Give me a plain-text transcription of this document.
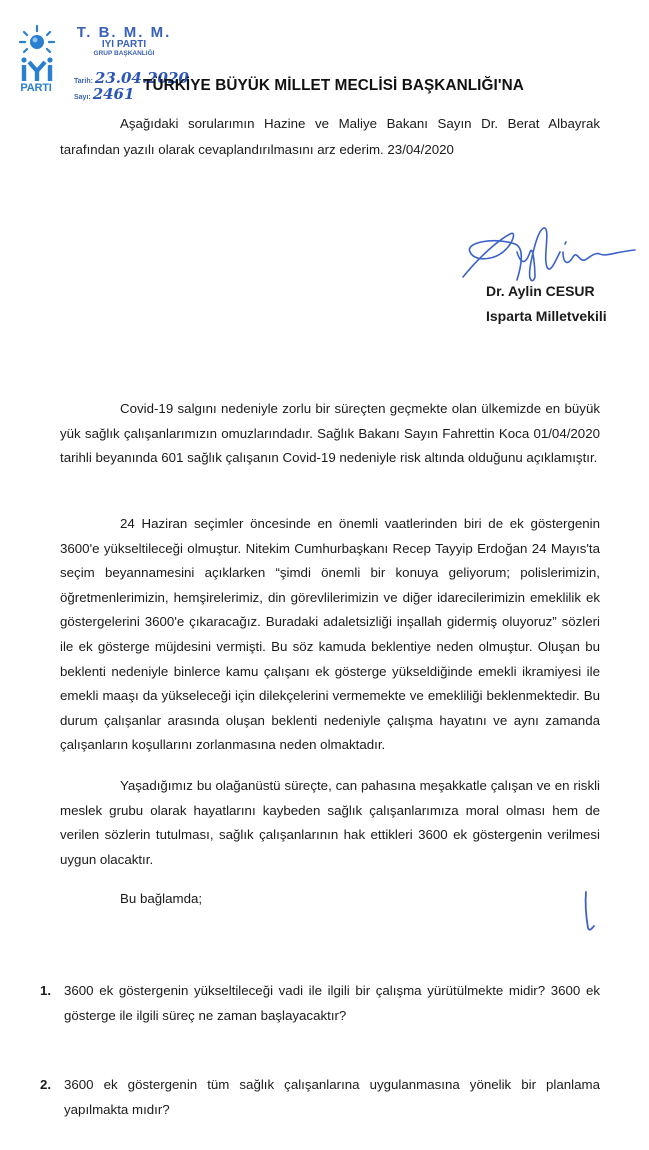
PARTI
T. B. M. M.
IYI PARTI
GRUP BAŞKANLIĞI
Tarih: 23.04.2020
Sayı: 2461 TÜRKİYE BÜYÜK MİLLET MECLİSİ BAŞKANLIĞI'NA
Aşağıdaki sorularımın Hazine ve Maliye Bakanı Sayın Dr. Berat Albayrak tarafından yazılı olarak cevaplandırılmasını arz ederim. 23/04/2020
Dr. Aylin CESUR
Isparta Milletvekili
Covid-19 salgını nedeniyle zorlu bir süreçten geçmekte olan ülkemizde en büyük yük sağlık çalışanlarımızın omuzlarındadır. Sağlık Bakanı Sayın Fahrettin Koca 01/04/2020 tarihli beyanında 601 sağlık çalışanın Covid-19 nedeniyle risk altında olduğunu açıklamıştır.
24 Haziran seçimler öncesinde en önemli vaatlerinden biri de ek göstergenin 3600'e yükseltileceği olmuştur. Nitekim Cumhurbaşkanı Recep Tayyip Erdoğan 24 Mayıs'ta seçim beyannamesini açıklarken “şimdi önemli bir konuya geliyorum; polislerimizin, öğretmenlerimizin, hemşirelerimiz, din görevlilerimizin ve diğer idarecilerimizin emeklilik ek göstergelerini 3600'e çıkaracağız. Buradaki adaletsizliği inşallah gidermiş oluyoruz” sözleri ile ek gösterge müjdesini vermişti. Bu söz kamuda beklentiye neden olmuştur. Oluşan bu beklenti nedeniyle binlerce kamu çalışanı ek gösterge yükseldiğinde emekli ikramiyesi ile emekli maaşı da yükseleceği için dilekçelerini vermemekte ve emekliliği beklenmektedir. Bu durum çalışanlar arasında oluşan beklenti nedeniyle çalışma hayatını ve aynı zamanda çalışanların koşullarını zorlanmasına neden olmaktadır.
Yaşadığımız bu olağanüstü süreçte, can pahasına meşakkatle çalışan ve en riskli meslek grubu olarak hayatlarını kaybeden sağlık çalışanlarımıza moral olması hem de verilen sözlerin tutulması, sağlık çalışanlarının hak ettikleri 3600 ek göstergenin verilmesi uygun olacaktır.
Bu bağlamda;
1. 3600 ek göstergenin yükseltileceği vadi ile ilgili bir çalışma yürütülmekte midir? 3600 ek gösterge ile ilgili süreç ne zaman başlayacaktır?
2. 3600 ek göstergenin tüm sağlık çalışanlarına uygulanmasına yönelik bir planlama yapılmakta mıdır?
